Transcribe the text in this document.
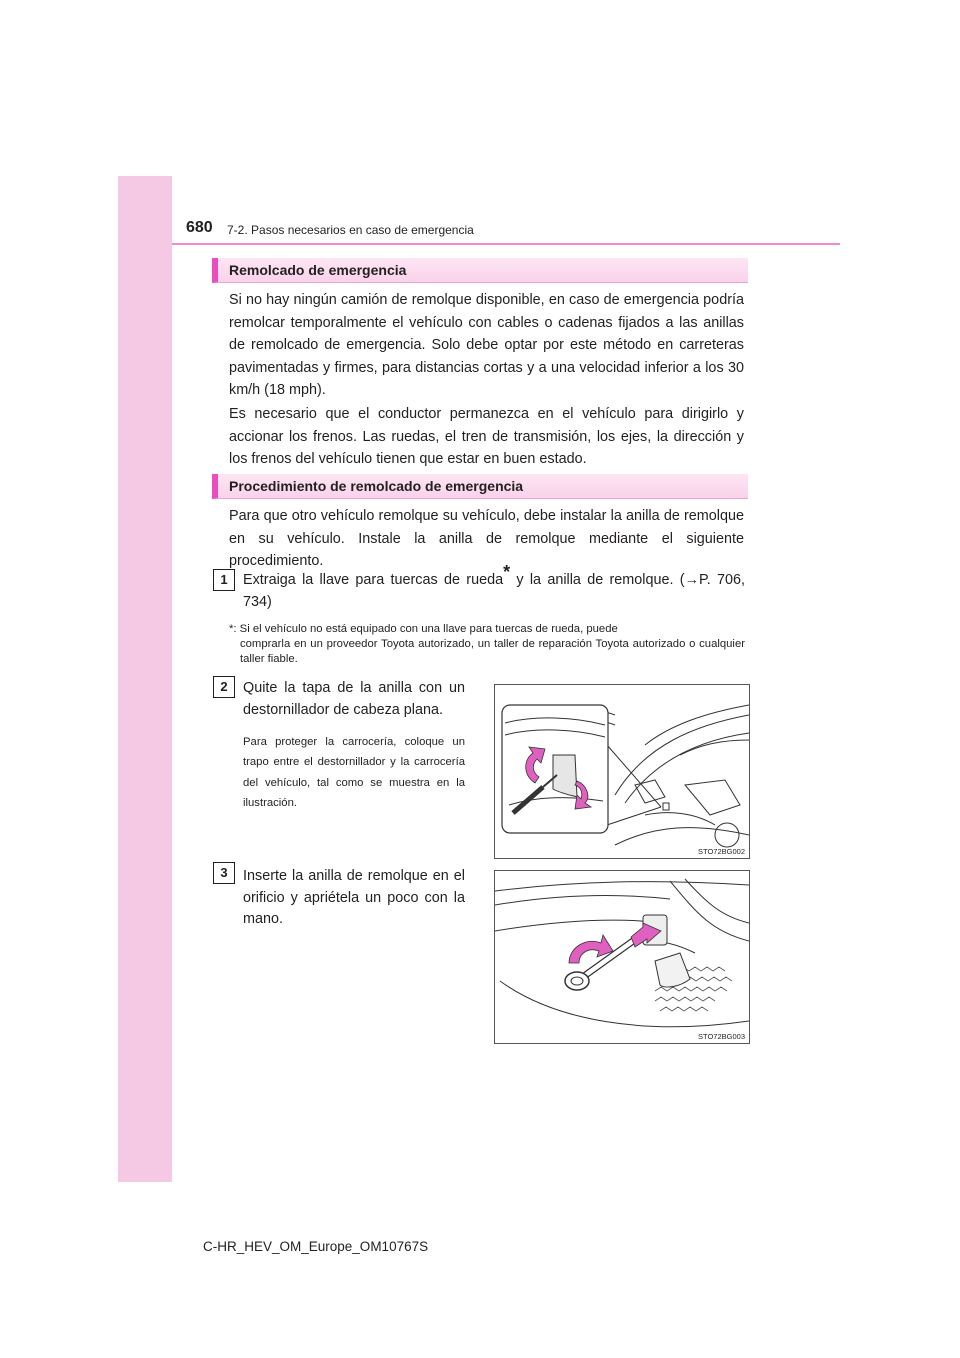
680 7-2. Pasos necesarios en caso de emergencia
Remolcado de emergencia

Si no hay ningún camión de remolque disponible, en caso de emergencia podría remolcar temporalmente el vehículo con cables o cadenas fijados a las anillas de remolcado de emergencia. Solo debe optar por este método en carreteras pavimentadas y firmes, para distancias cortas y a una velocidad inferior a los 30 km/h (18 mph).

Es necesario que el conductor permanezca en el vehículo para dirigirlo y accionar los frenos. Las ruedas, el tren de transmisión, los ejes, la dirección y los frenos del vehículo tienen que estar en buen estado.

Procedimiento de remolcado de emergencia

Para que otro vehículo remolque su vehículo, debe instalar la anilla de remolque en su vehículo. Instale la anilla de remolque mediante el siguiente procedimiento.

1	Extraiga la llave para tuercas de rueda* y la anilla de remolque. (→P. 706, 734)

*: Si el vehículo no está equipado con una llave para tuercas de rueda, puede
comprarla en un proveedor Toyota autorizado, un taller de reparación Toyota autorizado o cualquier taller fiable.

2	Quite la tapa de la anilla con un destornillador de cabeza plana.

Para proteger la carrocería, coloque un trapo entre el destornillador y la carrocería del vehículo, tal como se muestra en la ilustración.

STO72BG002
3	Inserte la anilla de remolque en el orificio y apriétela un poco con la mano.

STO72BG003
C-HR_HEV_OM_Europe_OM10767S
